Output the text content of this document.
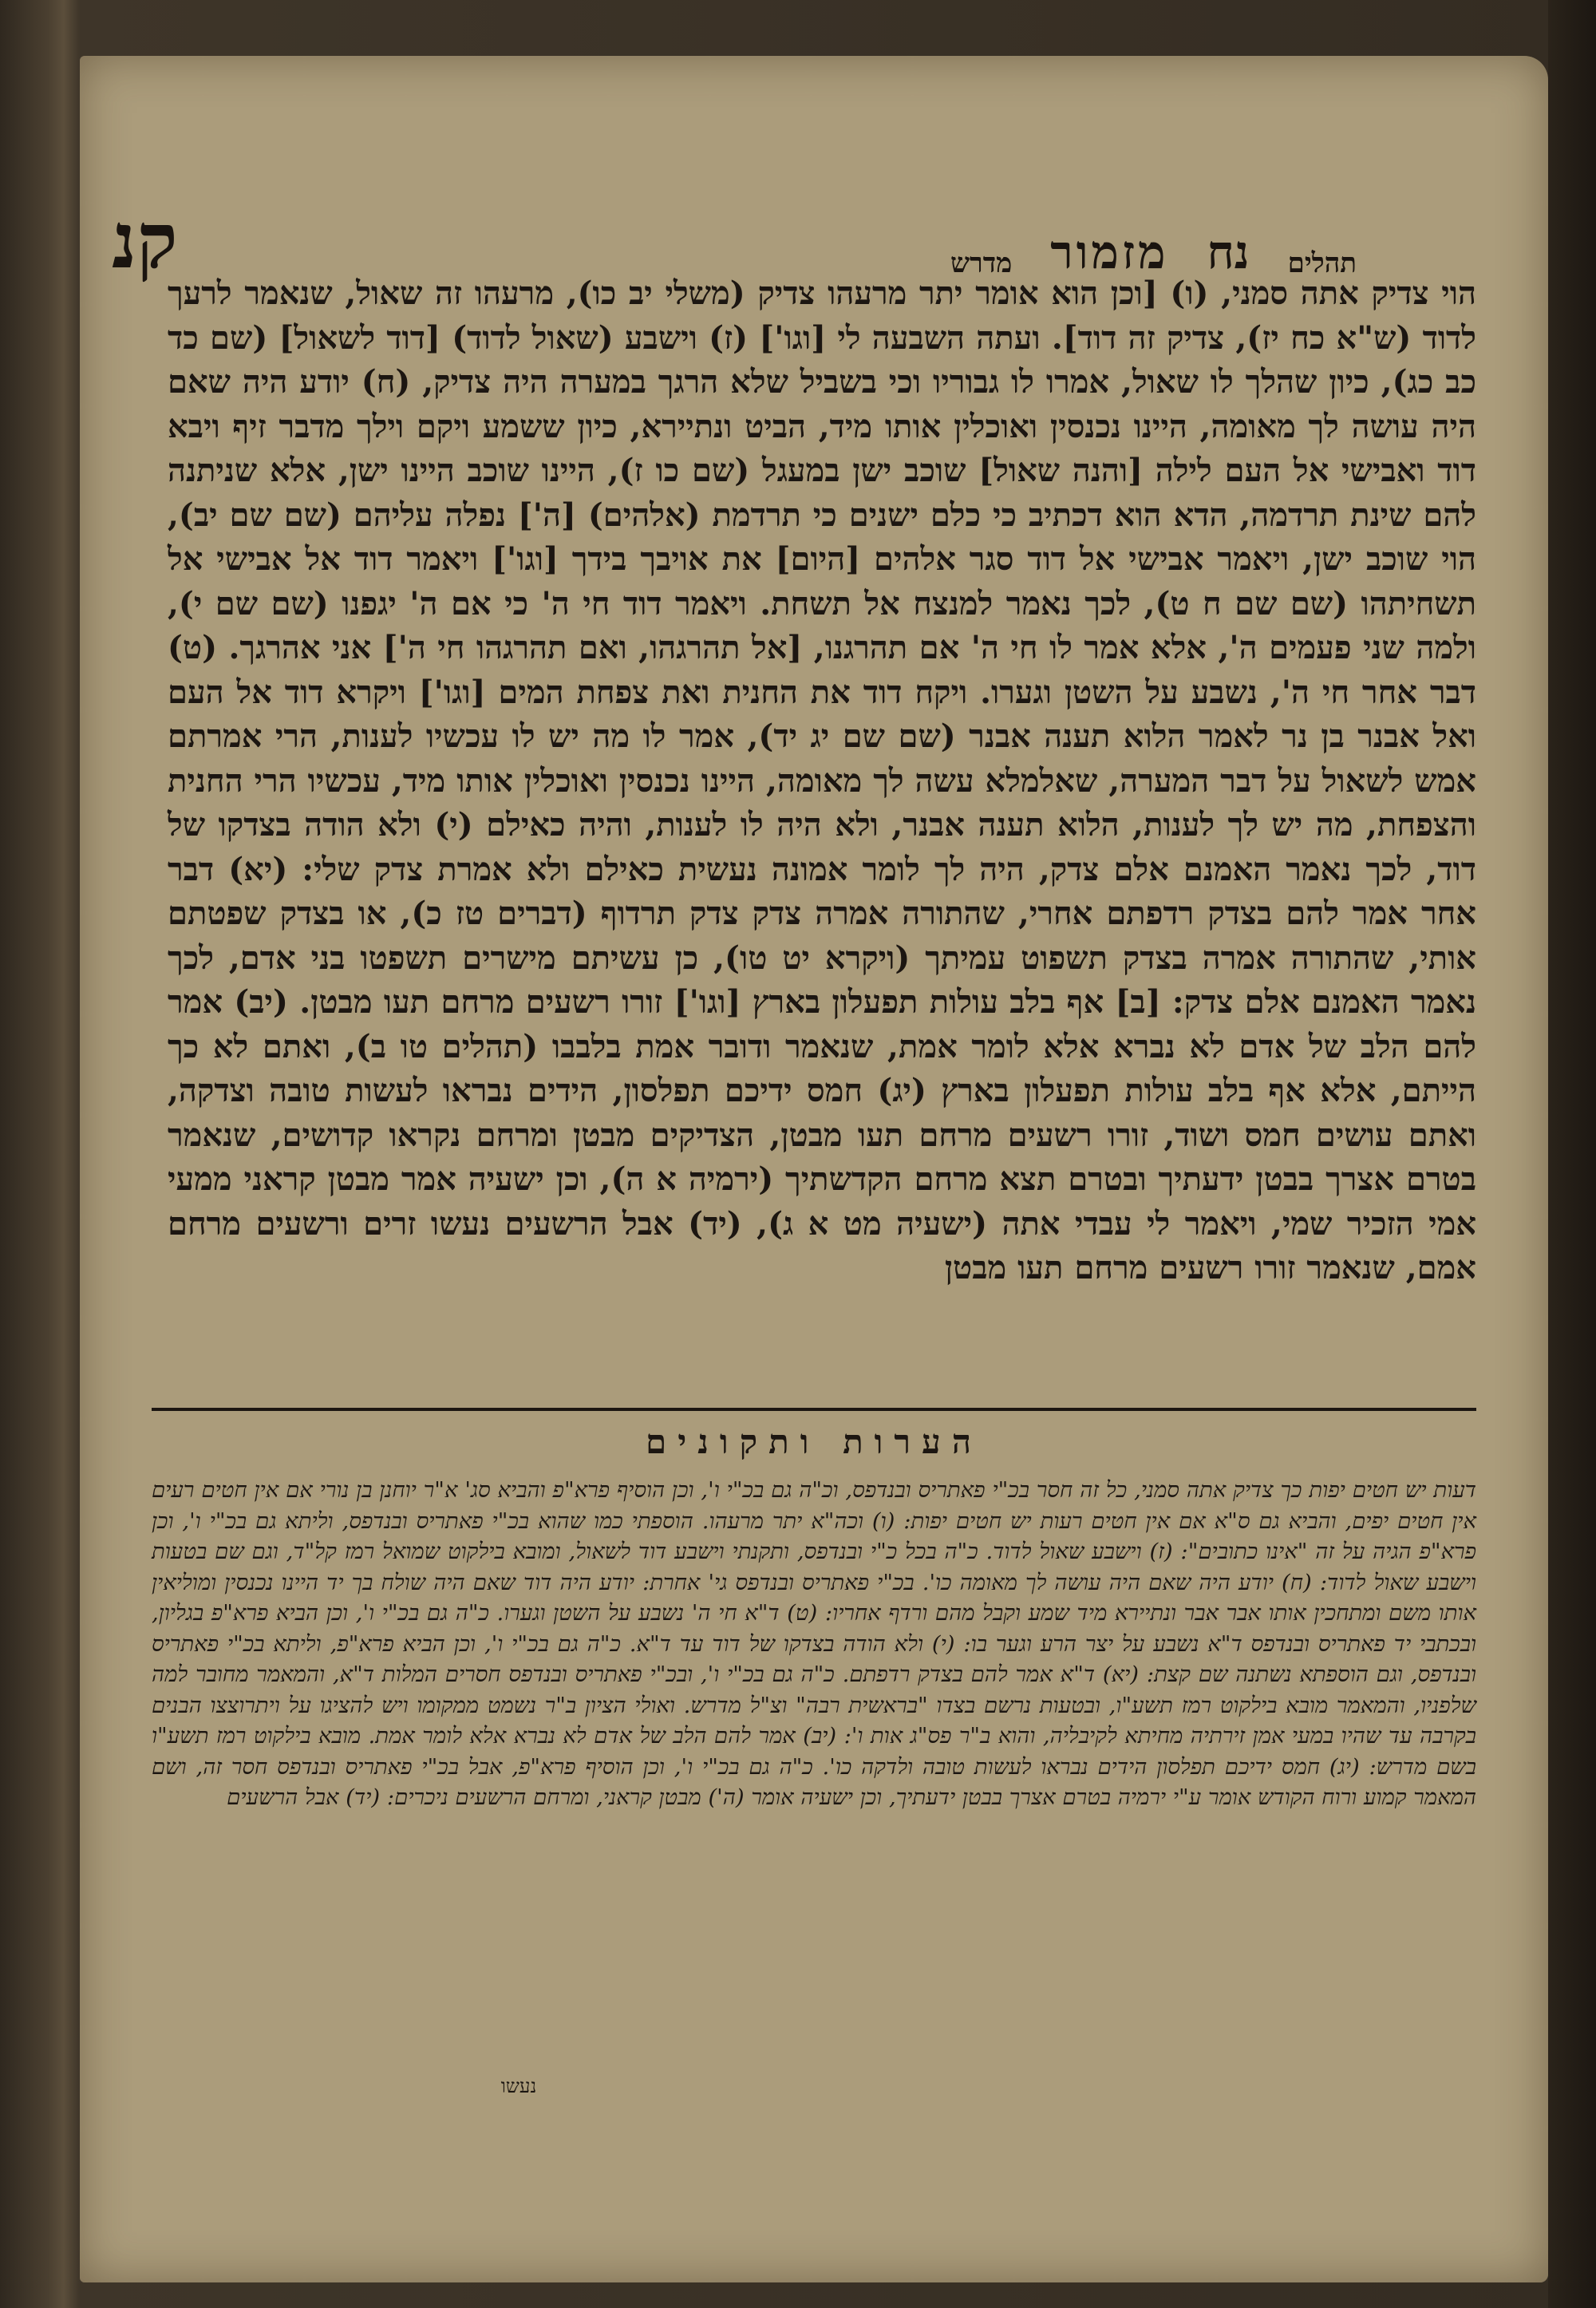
קנ	מדרש מזמור נח תהלים

הוי צדיק אתה סמני, (ו) [וכן הוא אומר יתר מרעהו צדיק (משלי יב כו), מרעהו זה שאול, שנאמר לרעך לדוד (ש"א כח יז), צדיק זה דוד]. ועתה השבעה לי [וגו'] (ז) וישבע (שאול לדוד) [דוד לשאול] (שם כד כב כג), כיון שהלך לו שאול, אמרו לו גבוריו וכי בשביל שלא הרגך במערה היה צדיק, (ח) יודע היה שאם היה עושה לך מאומה, היינו נכנסין ואוכלין אותו מיד, הביט ונתיירא, כיון ששמע ויקם וילך מדבר זיף ויבא דוד ואבישי אל העם לילה [והנה שאול] שוכב ישן במעגל (שם כו ז), היינו שוכב היינו ישן, אלא שניתנה להם שינת תרדמה, הדא הוא דכתיב כי כלם ישנים כי תרדמת (אלהים) [ה'] נפלה עליהם (שם שם יב), הוי שוכב ישן, ויאמר אבישי אל דוד סגר אלהים [היום] את אויבך בידך [וגו'] ויאמר דוד אל אבישי אל תשחיתהו (שם שם ח ט), לכך נאמר למנצח אל תשחת. ויאמר דוד חי ה' כי אם ה' יגפנו (שם שם י), ולמה שני פעמים ה', אלא אמר לו חי ה' אם תהרגנו, [אל תהרגהו, ואם תהרגהו חי ה'] אני אהרגך. (ט) דבר אחר חי ה', נשבע על השטן וגערו. ויקח דוד את החנית ואת צפחת המים [וגו'] ויקרא דוד אל העם ואל אבנר בן נר לאמר הלוא תענה אבנר (שם שם יג יד), אמר לו מה יש לו עכשיו לענות, הרי אמרתם אמש לשאול על דבר המערה, שאלמלא עשה לך מאומה, היינו נכנסין ואוכלין אותו מיד, עכשיו הרי החנית והצפחת, מה יש לך לענות, הלוא תענה אבנר, ולא היה לו לענות, והיה כאילם (י) ולא הודה בצדקו של דוד, לכך נאמר האמנם אלם צדק, היה לך לומר אמונה נעשית כאילם ולא אמרת צדק שלי: (יא) דבר אחר אמר להם בצדק רדפתם אחרי, שהתורה אמרה צדק צדק תרדוף (דברים טז כ), או בצדק שפטתם אותי, שהתורה אמרה בצדק תשפוט עמיתך (ויקרא יט טו), כן עשיתם מישרים תשפטו בני אדם, לכך נאמר האמנם אלם צדק: [ב] אף בלב עולות תפעלון בארץ [וגו'] זורו רשעים מרחם תעו מבטן. (יב) אמר להם הלב של אדם לא נברא אלא לומר אמת, שנאמר ודובר אמת בלבבו (תהלים טו ב), ואתם לא כך הייתם, אלא אף בלב עולות תפעלון בארץ (יג) חמס ידיכם תפלסון, הידים נבראו לעשות טובה וצדקה, ואתם עושים חמס ושוד, זורו רשעים מרחם תעו מבטן, הצדיקים מבטן ומרחם נקראו קדושים, שנאמר בטרם אצרך בבטן ידעתיך ובטרם תצא מרחם הקדשתיך (ירמיה א ה), וכן ישעיה אמר מבטן קראני ממעי אמי הזכיר שמי, ויאמר לי עבדי אתה (ישעיה מט א ג), (יד) אבל הרשעים נעשו זרים ורשעים מרחם אמם, שנאמר זורו רשעים מרחם תעו מבטן

הערות ותקונים

דעות יש חטים יפות כך צדיק אתה סמני, כל זה חסר בכ"י פאתריס ובנדפס, וכ"ה גם בכ"י ו', וכן הוסיף פרא"פ והביא סג' א"ר יוחנן בן נורי אם אין חטים רעים אין חטים יפים, והביא גם ס"א אם אין חטים רעות יש חטים יפות: (ו) וכה"א יתר מרעהו. הוספתי כמו שהוא בכ"י פאתריס ובנדפס, וליתא גם בכ"י ו', וכן פרא"פ הגיה על זה "אינו כתובים": (ז) וישבע שאול לדוד. כ"ה בכל כ"י ובנדפס, ותקנתי וישבע דוד לשאול, ומובא בילקוט שמואל רמז קל"ד, וגם שם בטעות וישבע שאול לדוד: (ח) יודע היה שאם היה עושה לך מאומה כו'. בכ"י פאתריס ובנדפס גי' אחרת: יודע היה דוד שאם היה שולח בך יד היינו נכנסין ומוליאין אותו משם ומתחכין אותו אבר אבר ונתיירא מיד שמע וקבל מהם ורדף אחריו: (ט) ד"א חי ה' נשבע על השטן וגערו. כ"ה גם בכ"י ו', וכן הביא פרא"פ בגליון, ובכתבי יד פאתריס ובנדפס ד"א נשבע על יצר הרע וגער בו: (י) ולא הודה בצדקו של דוד עד ד"א. כ"ה גם בכ"י ו', וכן הביא פרא"פ, וליתא בכ"י פאתריס ובנדפס, וגם הוספתא נשתנה שם קצת: (יא) ד"א אמר להם בצדק רדפתם. כ"ה גם בכ"י ו', ובכ"י פאתריס ובנדפס חסרים המלות ד"א, והמאמר מחובר למה שלפניו, והמאמר מובא בילקוט רמז תשע"ו, ובטעות נרשם בצדו "בראשית רבה" וצ"ל מדרש. ואולי הציון ב"ר נשמט ממקומו ויש להציגו על ויתרוצצו הבנים בקרבה עד שהיו במעי אמן זירתיה מחיתא לקיבליה, והוא ב"ר פס"ג אות ו': (יב) אמר להם הלב של אדם לא נברא אלא לומר אמת. מובא בילקוט רמז תשע"ו בשם מדרש: (יג) חמס ידיכם תפלסון הידים נבראו לעשות טובה ולדקה כו'. כ"ה גם בכ"י ו', וכן הוסיף פרא"פ, אבל בכ"י פאתריס ובנדפס חסר זה, ושם המאמר קמוע ורוח הקודש אומר ע"י ירמיה בטרם אצרך בבטן ידעתיך, וכן ישעיה אומר (ה') מבטן קראני, ומרחם הרשעים ניכרים: (יד) אבל הרשעים

נעשו
